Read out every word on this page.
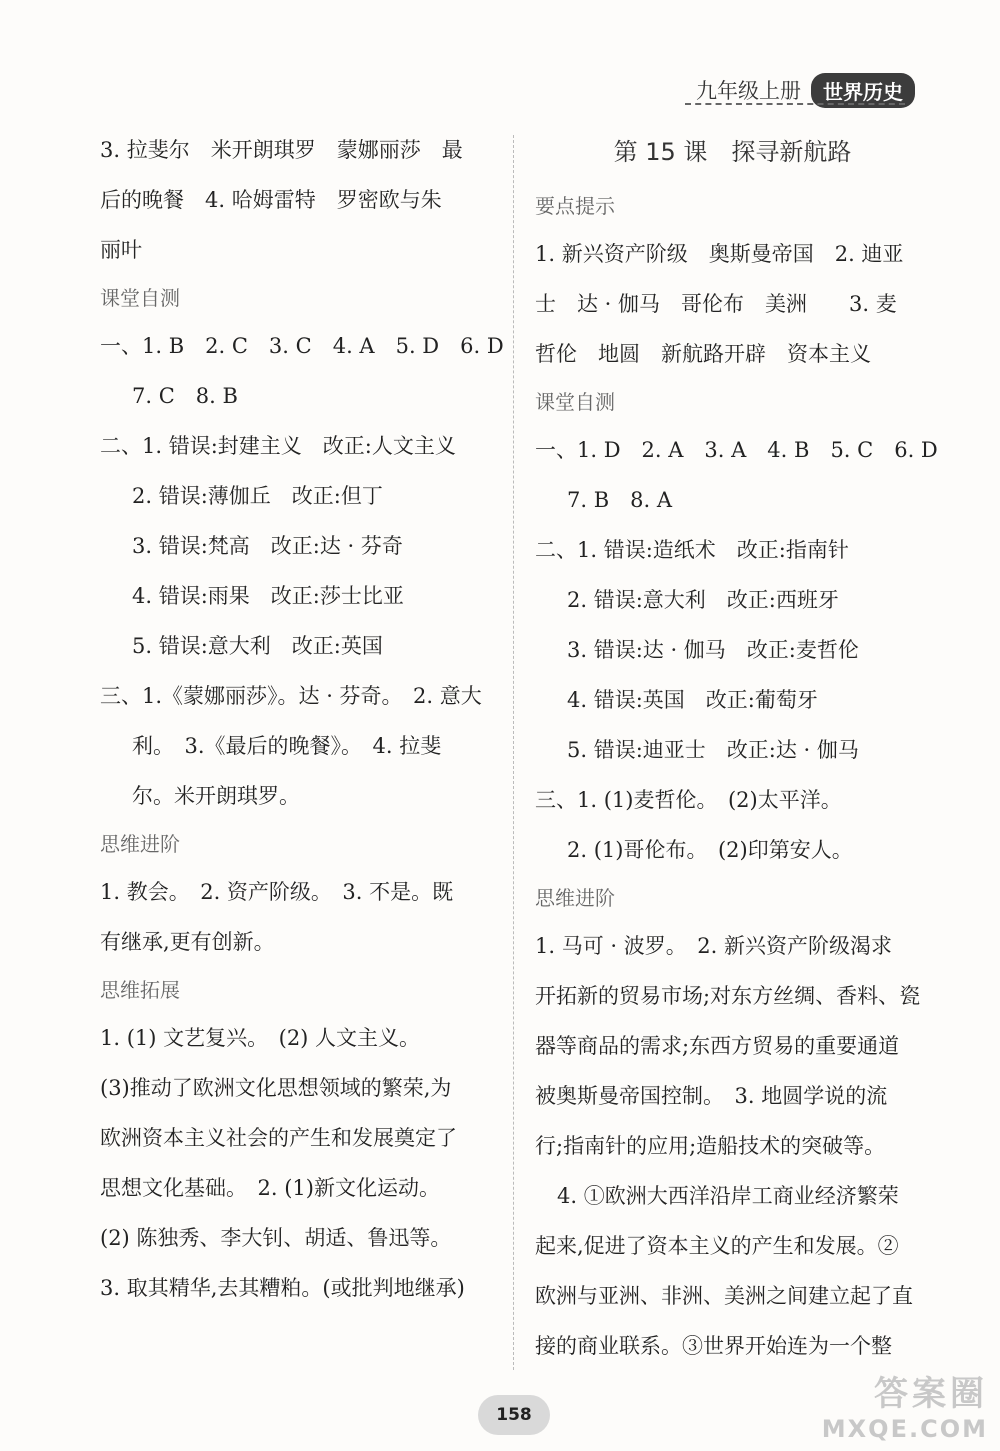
九年级上册	世界历史

3. 拉斐尔　米开朗琪罗　蒙娜丽莎　最

后的晚餐　4. 哈姆雷特　罗密欧与朱

丽叶

课堂自测

一、1. B　2. C　3. C　4. A　5. D　6. D

7. C　8. B

二、1. 错误:封建主义　改正:人文主义

2. 错误:薄伽丘　改正:但丁

3. 错误:梵高　改正:达 · 芬奇

4. 错误:雨果　改正:莎士比亚

5. 错误:意大利　改正:英国

三、1.《蒙娜丽莎》。达 · 芬奇。　2. 意大

利。　3.《最后的晚餐》。　4. 拉斐

尔。米开朗琪罗。

思维进阶

1. 教会。　2. 资产阶级。　3. 不是。既

有继承,更有创新。

思维拓展

1. (1) 文艺复兴。　(2) 人文主义。

(3)推动了欧洲文化思想领域的繁荣,为

欧洲资本主义社会的产生和发展奠定了

思想文化基础。　2. (1)新文化运动。

(2) 陈独秀、李大钊、胡适、鲁迅等。

3. 取其精华,去其糟粕。(或批判地继承)

第 15 课　探寻新航路

要点提示

1. 新兴资产阶级　奥斯曼帝国　2. 迪亚

士　达 · 伽马　哥伦布　美洲　　3. 麦

哲伦　地圆　新航路开辟　资本主义

课堂自测

一、1. D　2. A　3. A　4. B　5. C　6. D

7. B　8. A

二、1. 错误:造纸术　改正:指南针

2. 错误:意大利　改正:西班牙

3. 错误:达 · 伽马　改正:麦哲伦

4. 错误:英国　改正:葡萄牙

5. 错误:迪亚士　改正:达 · 伽马

三、1. (1)麦哲伦。　(2)太平洋。

2. (1)哥伦布。　(2)印第安人。

思维进阶

1. 马可 · 波罗。　2. 新兴资产阶级渴求

开拓新的贸易市场;对东方丝绸、香料、瓷

器等商品的需求;东西方贸易的重要通道

被奥斯曼帝国控制。　3. 地圆学说的流

行;指南针的应用;造船技术的突破等。

4. ①欧洲大西洋沿岸工商业经济繁荣

起来,促进了资本主义的产生和发展。②

欧洲与亚洲、非洲、美洲之间建立起了直

接的商业联系。③世界开始连为一个整

158
答案圈
MXQE.COM
